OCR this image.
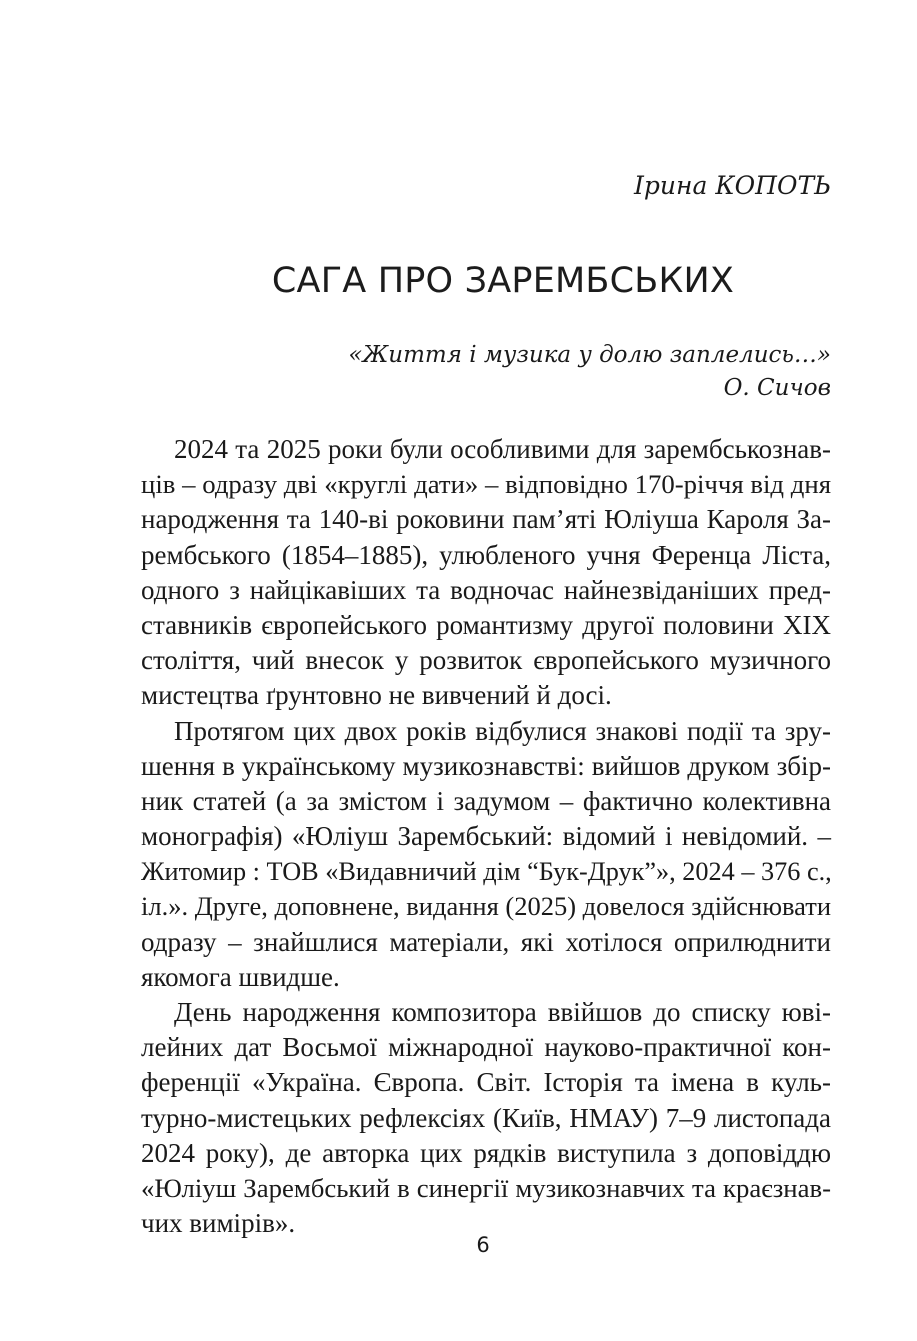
Ірина КОПОТЬ
САГА ПРО ЗАРЕМБСЬКИХ
«Життя і музика у долю заплелись…»
О. Сичов

2024 та 2025 роки були особливими для зарембськознав-
ців – одразу дві «круглі дати» – відповідно 170-річчя від дня
народження та 140-ві роковини пам’яті Юліуша Кароля За-
рембського (1854–1885), улюбленого учня Ференца Ліста,
одного з найцікавіших та водночас найнезвіданіших пред-
ставників європейського романтизму другої половини ХІХ
століття, чий внесок у розвиток європейського музичного
мистецтва ґрунтовно не вивчений й досі.

Протягом цих двох років відбулися знакові події та зру-
шення в українському музикознавстві: вийшов друком збір-
ник статей (а за змістом і задумом – фактично колективна
монографія) «Юліуш Зарембський: відомий і невідомий. –
Житомир : ТОВ «Видавничий дім “Бук-Друк”», 2024 – 376 с.,
іл.». Друге, доповнене, видання (2025) довелося здійснювати
одразу – знайшлися матеріали, які хотілося оприлюднити
якомога швидше.

День народження композитора ввійшов до списку юві-
лейних дат Восьмої міжнародної науково-практичної кон-
ференції «Україна. Європа. Світ. Історія та імена в куль-
турно-мистецьких рефлексіях (Київ, НМАУ) 7–9 листопада
2024 року), де авторка цих рядків виступила з доповіддю
«Юліуш Зарембський в синергії музикознавчих та краєзнав-
чих вимірів».

6
